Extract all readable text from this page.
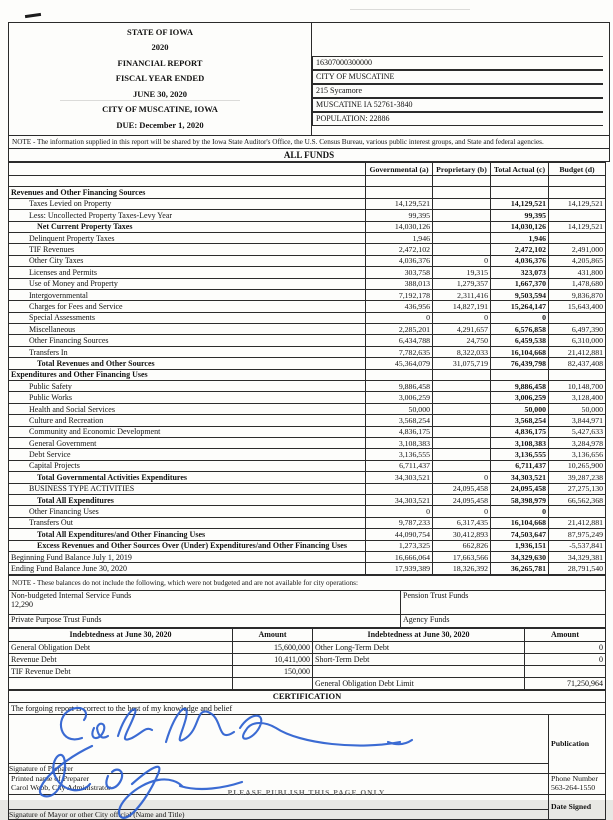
STATE OF IOWA
2020
FINANCIAL REPORT
FISCAL YEAR ENDED
JUNE 30, 2020
CITY OF MUSCATINE, IOWA
DUE: December 1, 2020

16307000300000
CITY OF MUSCATINE
215 Sycamore
MUSCATINE IA 52761-3840
POPULATION: 22886

NOTE - The information supplied in this report will be shared by the Iowa State Auditor's Office, the U.S. Census Bureau, various public interest groups, and State and federal agencies.
ALL FUNDS
	Governmental (a)	Proprietary (b)	Total Actual (c)	Budget (d)

Revenues and Other Financing Sources				
Taxes Levied on Property	14,129,521		14,129,521	14,129,521
Less: Uncollected Property Taxes-Levy Year	99,395		99,395	
Net Current Property Taxes	14,030,126		14,030,126	14,129,521
Delinquent Property Taxes	1,946		1,946	
TIF Revenues	2,472,102		2,472,102	2,491,000
Other City Taxes	4,036,376	0	4,036,376	4,205,865
Licenses and Permits	303,758	19,315	323,073	431,800
Use of Money and Property	388,013	1,279,357	1,667,370	1,478,680
Intergovernmental	7,192,178	2,311,416	9,503,594	9,836,870
Charges for Fees and Service	436,956	14,827,191	15,264,147	15,643,400
Special Assessments	0	0	0	
Miscellaneous	2,285,201	4,291,657	6,576,858	6,497,390
Other Financing Sources	6,434,788	24,750	6,459,538	6,310,000
Transfers In	7,782,635	8,322,033	16,104,668	21,412,881
Total Revenues and Other Sources	45,364,079	31,075,719	76,439,798	82,437,408
Expenditures and Other Financing Uses				
Public Safety	9,886,458		9,886,458	10,148,700
Public Works	3,006,259		3,006,259	3,128,400
Health and Social Services	50,000		50,000	50,000
Culture and Recreation	3,568,254		3,568,254	3,844,971
Community and Economic Development	4,836,175		4,836,175	5,427,633
General Government	3,108,383		3,108,383	3,284,978
Debt Service	3,136,555		3,136,555	3,136,656
Capital Projects	6,711,437		6,711,437	10,265,900
Total Governmental Activities Expenditures	34,303,521	0	34,303,521	39,287,238
BUSINESS TYPE ACTIVITIES		24,095,458	24,095,458	27,275,130
Total All Expenditures	34,303,521	24,095,458	58,398,979	66,562,368
Other Financing Uses	0	0	0	
Transfers Out	9,787,233	6,317,435	16,104,668	21,412,881
Total All Expenditures/and Other Financing Uses	44,090,754	30,412,893	74,503,647	87,975,249
Excess Revenues and Other Sources Over (Under) Expenditures/and Other Financing Uses	1,273,325	662,826	1,936,151	-5,537,841
Beginning Fund Balance July 1, 2019	16,666,064	17,663,566	34,329,630	34,329,381
Ending Fund Balance June 30, 2020	17,939,389	18,326,392	36,265,781	28,791,540
NOTE - These balances do not include the following, which were not budgeted and are not available for city operations:	

Non-budgeted Internal Service Funds
12,290	Pension Trust Funds
Private Purpose Trust Funds	Agency Funds
Indebtedness at June 30, 2020	Amount	Indebtedness at June 30, 2020	Amount
General Obligation Debt	15,600,000	Other Long-Term Debt	0
Revenue Debt	10,411,000	Short-Term Debt	0
TIF Revenue Debt	150,000		
		General Obligation Debt Limit	71,250,964
CERTIFICATION	
The forgoing report is correct to the best of my knowledge and belief	

Signature of Preparer	Publication

Printed name of Preparer
Carol Webb, City Administrator

Phone Number
563-264-1550

Signature of Mayor or other City official (Name and Title)	Date Signed
PLEASE PUBLISH THIS PAGE ONLY
